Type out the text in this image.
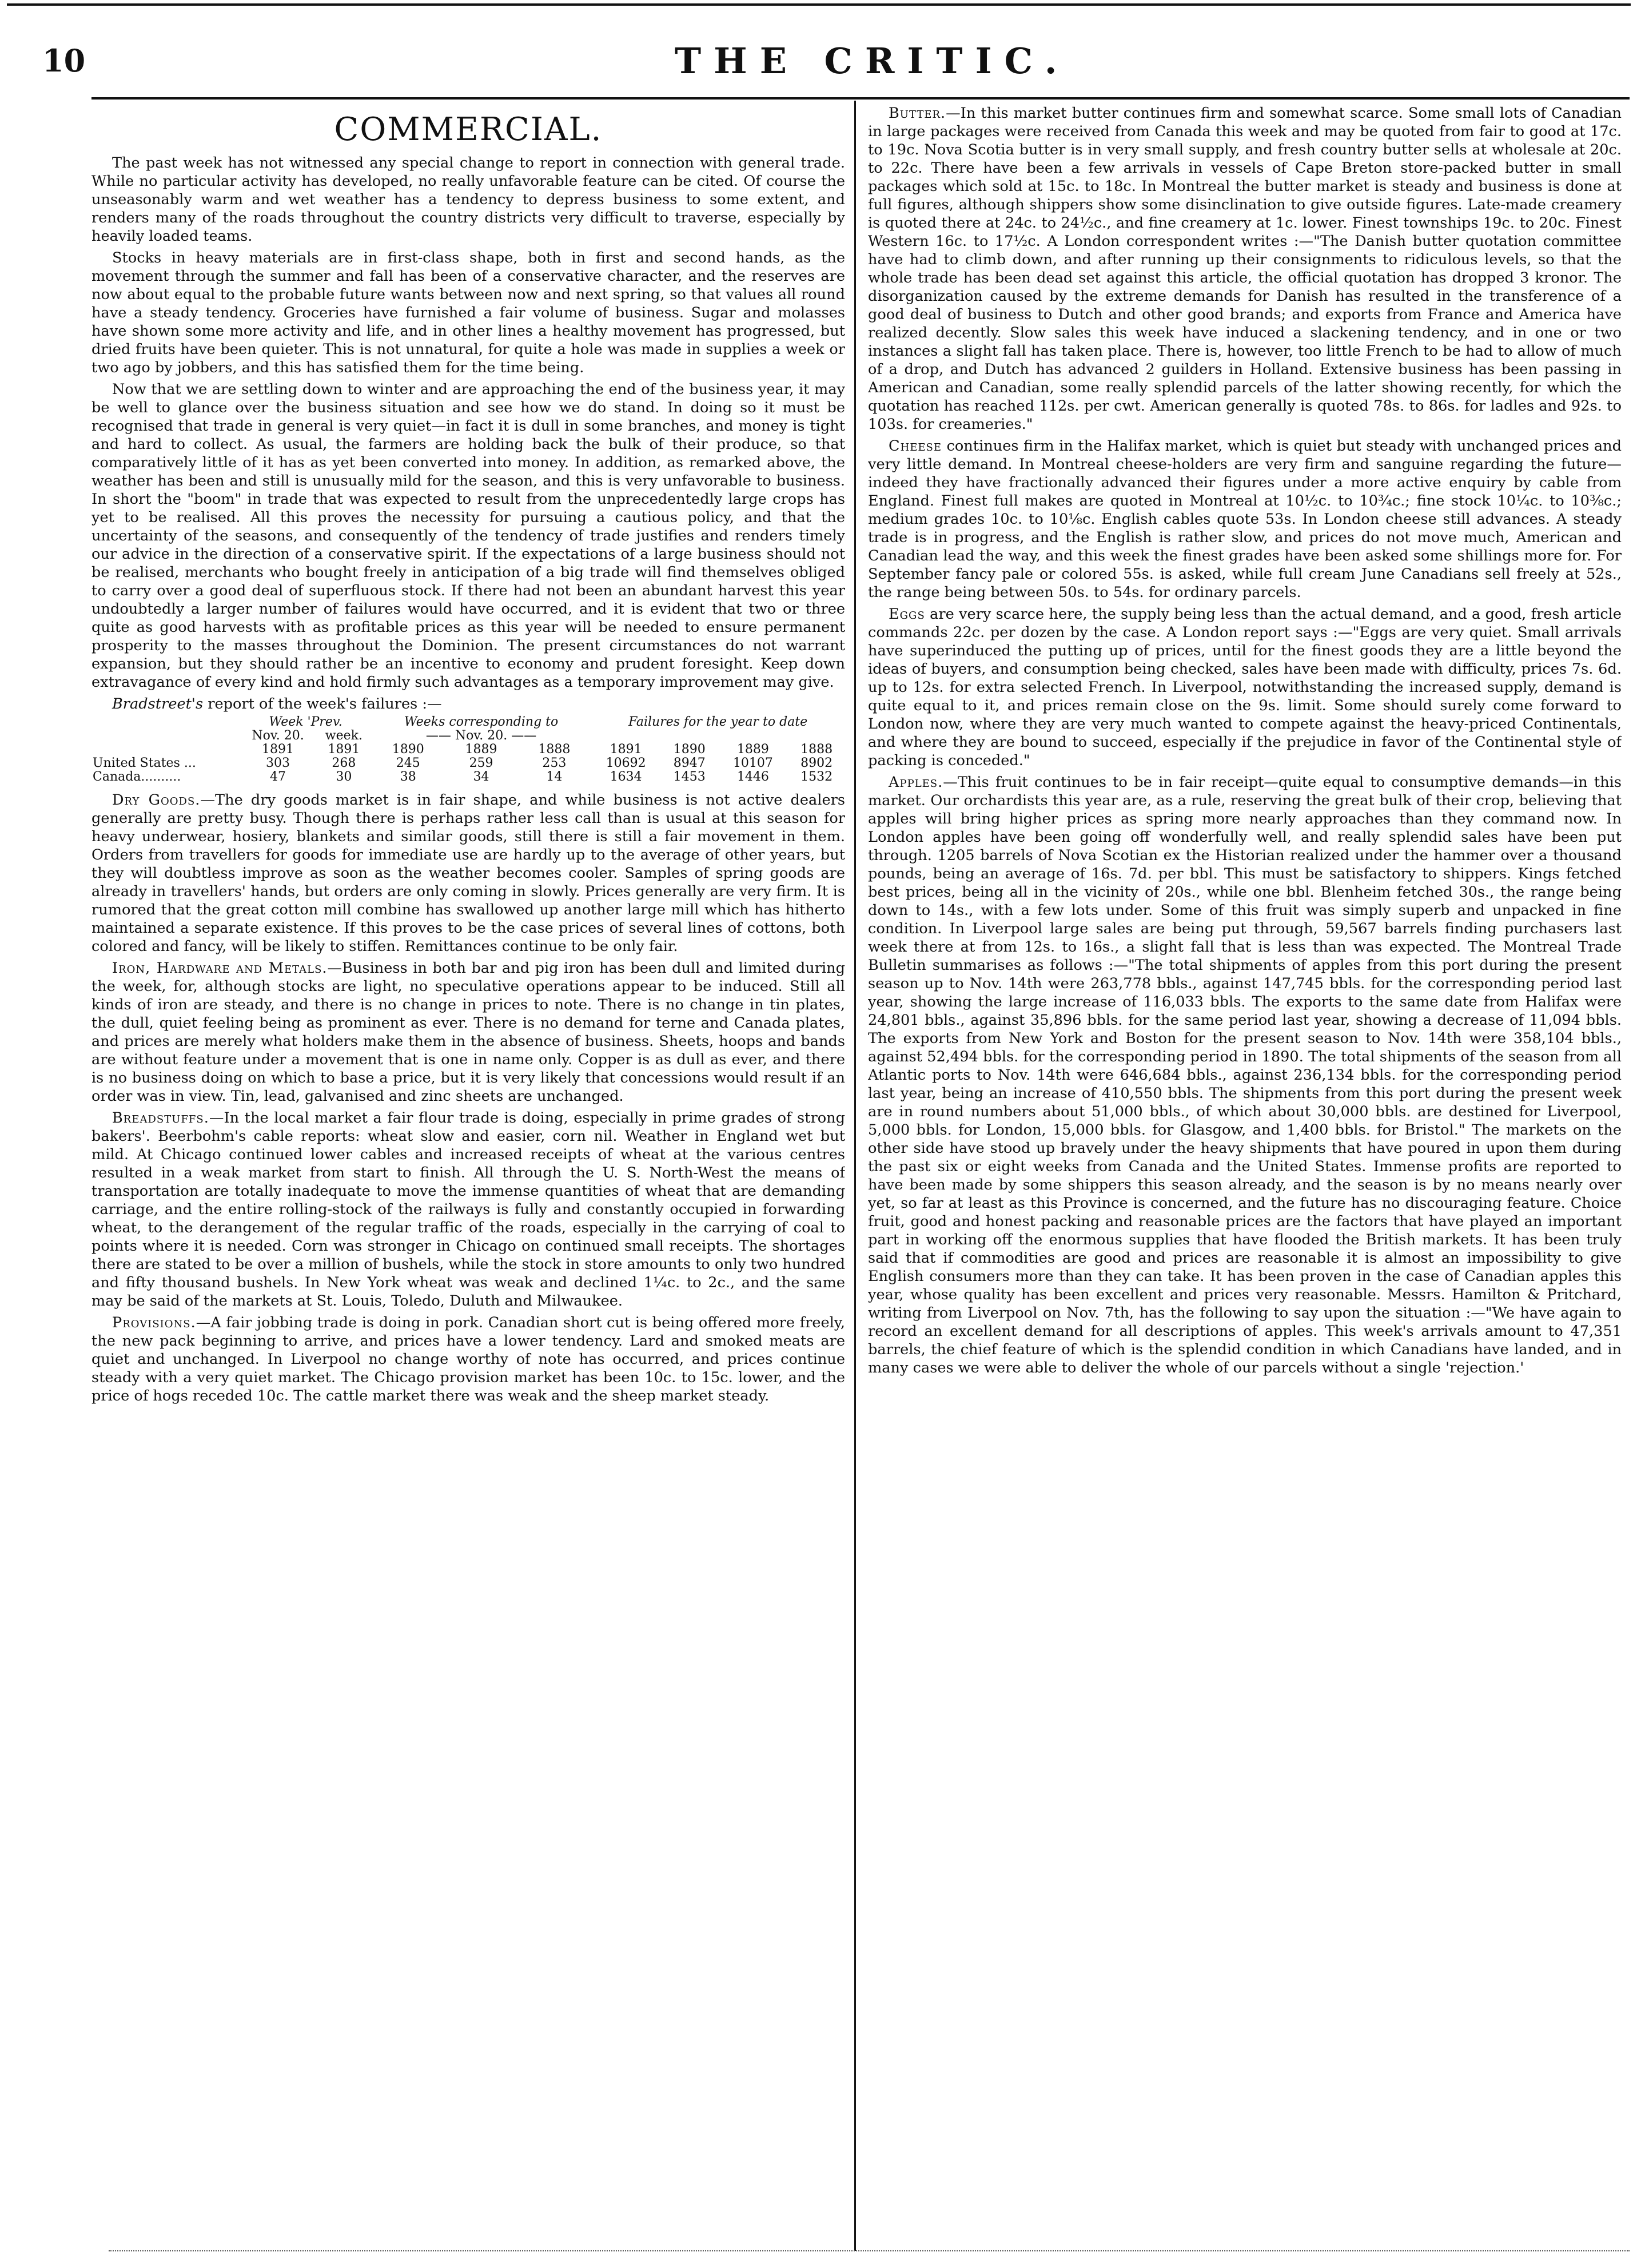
10	THE CRITIC.
COMMERCIAL.

The past week has not witnessed any special change to report in connection with general trade. While no particular activity has developed, no really unfavorable feature can be cited. Of course the unseasonably warm and wet weather has a tendency to depress business to some extent, and renders many of the roads throughout the country districts very difficult to traverse, especially by heavily loaded teams.

Stocks in heavy materials are in first-class shape, both in first and second hands, as the movement through the summer and fall has been of a conservative character, and the reserves are now about equal to the probable future wants between now and next spring, so that values all round have a steady tendency. Groceries have furnished a fair volume of business. Sugar and molasses have shown some more activity and life, and in other lines a healthy movement has progressed, but dried fruits have been quieter. This is not unnatural, for quite a hole was made in supplies a week or two ago by jobbers, and this has satisfied them for the time being.

Now that we are settling down to winter and are approaching the end of the business year, it may be well to glance over the business situation and see how we do stand. In doing so it must be recognised that trade in general is very quiet—in fact it is dull in some branches, and money is tight and hard to collect. As usual, the farmers are holding back the bulk of their produce, so that comparatively little of it has as yet been converted into money. In addition, as remarked above, the weather has been and still is unusually mild for the season, and this is very unfavorable to business. In short the "boom" in trade that was expected to result from the unprecedentedly large crops has yet to be realised. All this proves the necessity for pursuing a cautious policy, and that the uncertainty of the seasons, and consequently of the tendency of trade justifies and renders timely our advice in the direction of a conservative spirit. If the expectations of a large business should not be realised, merchants who bought freely in anticipation of a big trade will find themselves obliged to carry over a good deal of superfluous stock. If there had not been an abundant harvest this year undoubtedly a larger number of failures would have occurred, and it is evident that two or three quite as good harvests with as profitable prices as this year will be needed to ensure permanent prosperity to the masses throughout the Dominion. The present circumstances do not warrant expansion, but they should rather be an incentive to economy and prudent foresight. Keep down extravagance of every kind and hold firmly such advantages as a temporary improvement may give.

Bradstreet's report of the week's failures :—
	Week 'Prev.		Weeks corresponding to			Failures for the year to date			
	Nov. 20.	week.	—— Nov. 20. ——						
	1891	1891	1890	1889	1888	1891	1890	1889	1888
United States ...	303	268	245	259	253	10692	8947	10107	8902
Canada..........	47	30	38	34	14	1634	1453	1446	1532

Dry Goods.—The dry goods market is in fair shape, and while business is not active dealers generally are pretty busy. Though there is perhaps rather less call than is usual at this season for heavy underwear, hosiery, blankets and similar goods, still there is still a fair movement in them. Orders from travellers for goods for immediate use are hardly up to the average of other years, but they will doubtless improve as soon as the weather becomes cooler. Samples of spring goods are already in travellers' hands, but orders are only coming in slowly. Prices generally are very firm. It is rumored that the great cotton mill combine has swallowed up another large mill which has hitherto maintained a separate existence. If this proves to be the case prices of several lines of cottons, both colored and fancy, will be likely to stiffen. Remittances continue to be only fair.

Iron, Hardware and Metals.—Business in both bar and pig iron has been dull and limited during the week, for, although stocks are light, no speculative operations appear to be induced. Still all kinds of iron are steady, and there is no change in prices to note. There is no change in tin plates, the dull, quiet feeling being as prominent as ever. There is no demand for terne and Canada plates, and prices are merely what holders make them in the absence of business. Sheets, hoops and bands are without feature under a movement that is one in name only. Copper is as dull as ever, and there is no business doing on which to base a price, but it is very likely that concessions would result if an order was in view. Tin, lead, galvanised and zinc sheets are unchanged.

Breadstuffs.—In the local market a fair flour trade is doing, especially in prime grades of strong bakers'. Beerbohm's cable reports: wheat slow and easier, corn nil. Weather in England wet but mild. At Chicago continued lower cables and increased receipts of wheat at the various centres resulted in a weak market from start to finish. All through the U. S. North-West the means of transportation are totally inadequate to move the immense quantities of wheat that are demanding carriage, and the entire rolling-stock of the railways is fully and constantly occupied in forwarding wheat, to the derangement of the regular traffic of the roads, especially in the carrying of coal to points where it is needed. Corn was stronger in Chicago on continued small receipts. The shortages there are stated to be over a million of bushels, while the stock in store amounts to only two hundred and fifty thousand bushels. In New York wheat was weak and declined 1¼c. to 2c., and the same may be said of the markets at St. Louis, Toledo, Duluth and Milwaukee.

Provisions.—A fair jobbing trade is doing in pork. Canadian short cut is being offered more freely, the new pack beginning to arrive, and prices have a lower tendency. Lard and smoked meats are quiet and unchanged. In Liverpool no change worthy of note has occurred, and prices continue steady with a very quiet market. The Chicago provision market has been 10c. to 15c. lower, and the price of hogs receded 10c. The cattle market there was weak and the sheep market steady.

Butter.—In this market butter continues firm and somewhat scarce. Some small lots of Canadian in large packages were received from Canada this week and may be quoted from fair to good at 17c. to 19c. Nova Scotia butter is in very small supply, and fresh country butter sells at wholesale at 20c. to 22c. There have been a few arrivals in vessels of Cape Breton store-packed butter in small packages which sold at 15c. to 18c. In Montreal the butter market is steady and business is done at full figures, although shippers show some disinclination to give outside figures. Late-made creamery is quoted there at 24c. to 24½c., and fine creamery at 1c. lower. Finest townships 19c. to 20c. Finest Western 16c. to 17½c. A London correspondent writes :—"The Danish butter quotation committee have had to climb down, and after running up their consignments to ridiculous levels, so that the whole trade has been dead set against this article, the official quotation has dropped 3 kronor. The disorganization caused by the extreme demands for Danish has resulted in the transference of a good deal of business to Dutch and other good brands; and exports from France and America have realized decently. Slow sales this week have induced a slackening tendency, and in one or two instances a slight fall has taken place. There is, however, too little French to be had to allow of much of a drop, and Dutch has advanced 2 guilders in Holland. Extensive business has been passing in American and Canadian, some really splendid parcels of the latter showing recently, for which the quotation has reached 112s. per cwt. American generally is quoted 78s. to 86s. for ladles and 92s. to 103s. for creameries."

Cheese continues firm in the Halifax market, which is quiet but steady with unchanged prices and very little demand. In Montreal cheese-holders are very firm and sanguine regarding the future—indeed they have fractionally advanced their figures under a more active enquiry by cable from England. Finest full makes are quoted in Montreal at 10½c. to 10¾c.; fine stock 10¼c. to 10⅜c.; medium grades 10c. to 10⅛c. English cables quote 53s. In London cheese still advances. A steady trade is in progress, and the English is rather slow, and prices do not move much, American and Canadian lead the way, and this week the finest grades have been asked some shillings more for. For September fancy pale or colored 55s. is asked, while full cream June Canadians sell freely at 52s., the range being between 50s. to 54s. for ordinary parcels.

Eggs are very scarce here, the supply being less than the actual demand, and a good, fresh article commands 22c. per dozen by the case. A London report says :—"Eggs are very quiet. Small arrivals have superinduced the putting up of prices, until for the finest goods they are a little beyond the ideas of buyers, and consumption being checked, sales have been made with difficulty, prices 7s. 6d. up to 12s. for extra selected French. In Liverpool, notwithstanding the increased supply, demand is quite equal to it, and prices remain close on the 9s. limit. Some should surely come forward to London now, where they are very much wanted to compete against the heavy-priced Continentals, and where they are bound to succeed, especially if the prejudice in favor of the Continental style of packing is conceded."

Apples.—This fruit continues to be in fair receipt—quite equal to consumptive demands—in this market. Our orchardists this year are, as a rule, reserving the great bulk of their crop, believing that apples will bring higher prices as spring more nearly approaches than they command now. In London apples have been going off wonderfully well, and really splendid sales have been put through. 1205 barrels of Nova Scotian ex the Historian realized under the hammer over a thousand pounds, being an average of 16s. 7d. per bbl. This must be satisfactory to shippers. Kings fetched best prices, being all in the vicinity of 20s., while one bbl. Blenheim fetched 30s., the range being down to 14s., with a few lots under. Some of this fruit was simply superb and unpacked in fine condition. In Liverpool large sales are being put through, 59,567 barrels finding purchasers last week there at from 12s. to 16s., a slight fall that is less than was expected. The Montreal Trade Bulletin summarises as follows :—"The total shipments of apples from this port during the present season up to Nov. 14th were 263,778 bbls., against 147,745 bbls. for the corresponding period last year, showing the large increase of 116,033 bbls. The exports to the same date from Halifax were 24,801 bbls., against 35,896 bbls. for the same period last year, showing a decrease of 11,094 bbls. The exports from New York and Boston for the present season to Nov. 14th were 358,104 bbls., against 52,494 bbls. for the corresponding period in 1890. The total shipments of the season from all Atlantic ports to Nov. 14th were 646,684 bbls., against 236,134 bbls. for the corresponding period last year, being an increase of 410,550 bbls. The shipments from this port during the present week are in round numbers about 51,000 bbls., of which about 30,000 bbls. are destined for Liverpool, 5,000 bbls. for London, 15,000 bbls. for Glasgow, and 1,400 bbls. for Bristol." The markets on the other side have stood up bravely under the heavy shipments that have poured in upon them during the past six or eight weeks from Canada and the United States. Immense profits are reported to have been made by some shippers this season already, and the season is by no means nearly over yet, so far at least as this Province is concerned, and the future has no discouraging feature. Choice fruit, good and honest packing and reasonable prices are the factors that have played an important part in working off the enormous supplies that have flooded the British markets. It has been truly said that if commodities are good and prices are reasonable it is almost an impossibility to give English consumers more than they can take. It has been proven in the case of Canadian apples this year, whose quality has been excellent and prices very reasonable. Messrs. Hamilton & Pritchard, writing from Liverpool on Nov. 7th, has the following to say upon the situation :—"We have again to record an excellent demand for all descriptions of apples. This week's arrivals amount to 47,351 barrels, the chief feature of which is the splendid condition in which Canadians have landed, and in many cases we were able to deliver the whole of our parcels without a single 'rejection.'
